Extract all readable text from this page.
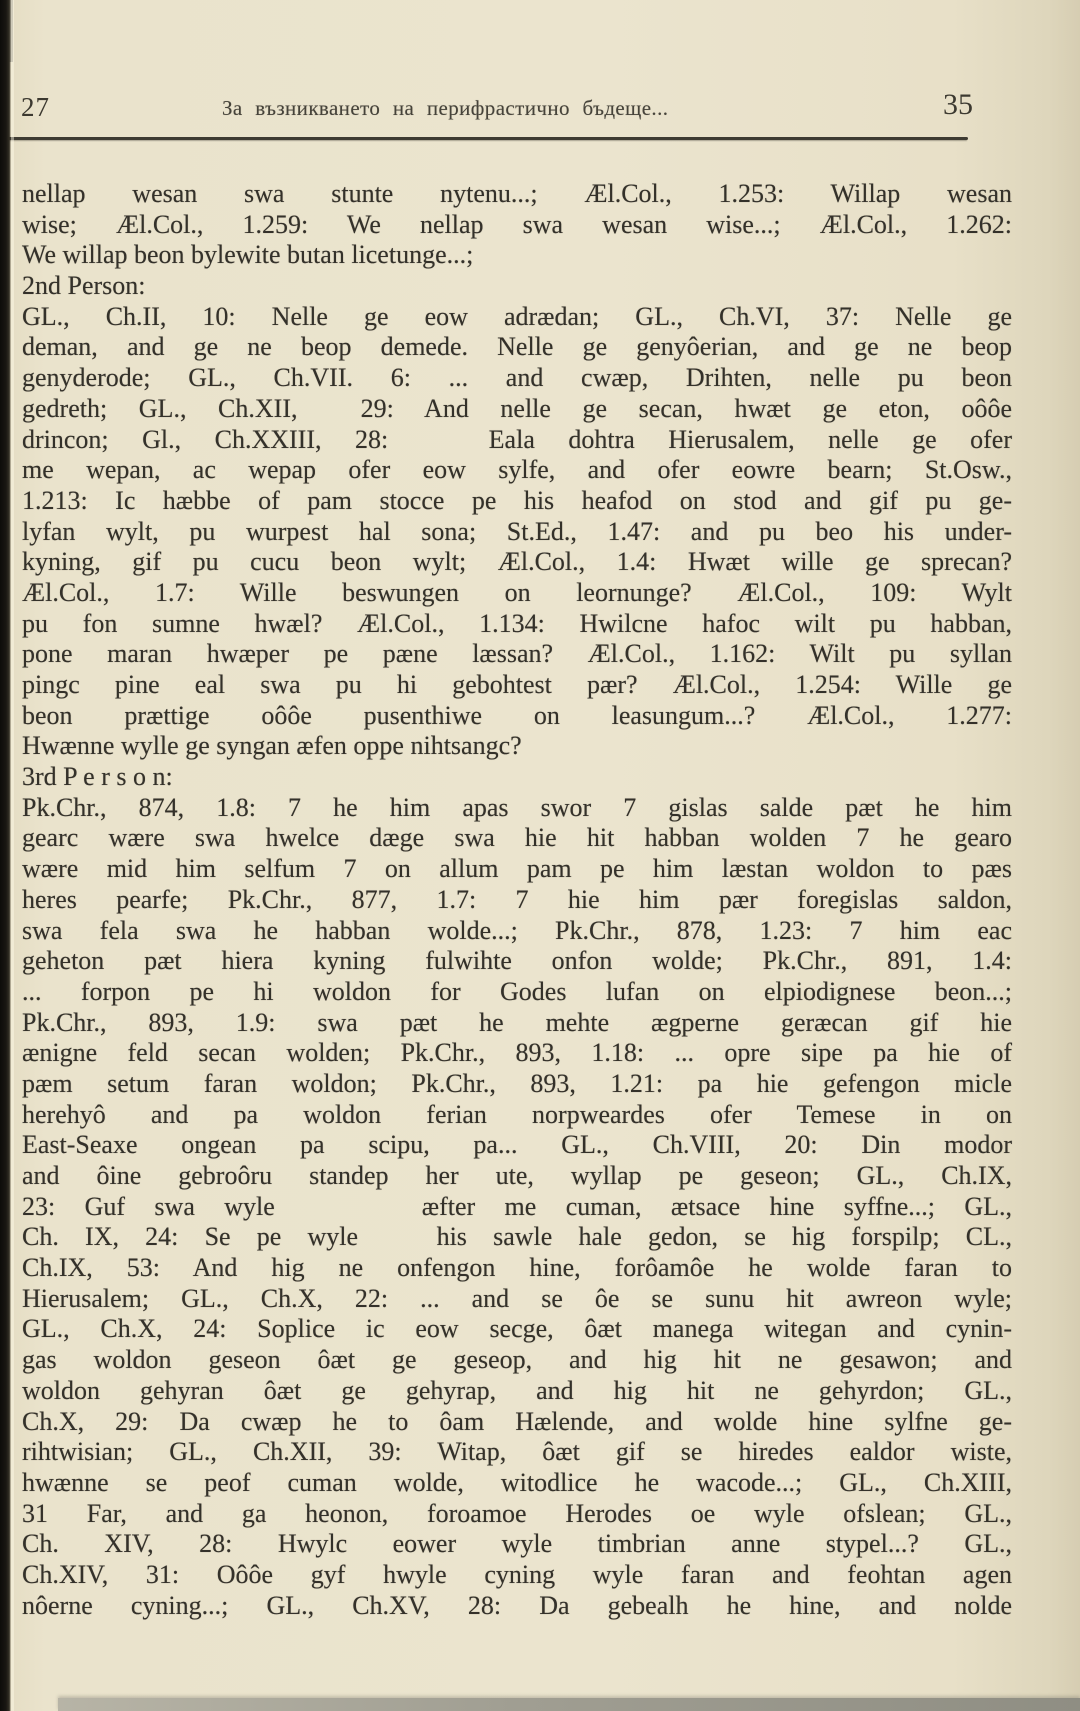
27	За възникването на перифрастично бъдеще...	35
nellap wesan swa stunte nytenu...; Æl.Col., 1.253: Willap wesan
wise; Æl.Col., 1.259: We nellap swa wesan wise...; Æl.Col., 1.262:
We willap beon bylewite butan licetunge...;
2nd Person:
GL., Ch.II, 10: Nelle ge eow adrædan; GL., Ch.VI, 37: Nelle ge
deman, and ge ne beop demede. Nelle ge genyôerian, and ge ne beop
genyderode; GL., Ch.VII. 6: ... and cwæp, Drihten, nelle pu beon
gedreth; GL., Ch.XII,  29: And nelle ge secan, hwæt ge eton, oôôe
drincon; Gl., Ch.XXIII, 28:   Eala dohtra Hierusalem, nelle ge ofer
me wepan, ac wepap ofer eow sylfe, and ofer eowre bearn; St.Osw.,
1.213: Ic hæbbe of pam stocce pe his heafod on stod and gif pu ge-
lyfan wylt, pu wurpest hal sona; St.Ed., 1.47: and pu beo his under-
kyning, gif pu cucu beon wylt; Æl.Col., 1.4: Hwæt wille ge sprecan?
Æl.Col., 1.7: Wille beswungen on leornunge? Æl.Col., 109: Wylt
pu fon sumne hwæl? Æl.Col., 1.134: Hwilcne hafoc wilt pu habban,
pone maran hwæper pe pæne læssan? Æl.Col., 1.162: Wilt pu syllan
pingc pine eal swa pu hi gebohtest pær? Æl.Col., 1.254: Wille ge
beon prættige oôôe pusenthiwe on leasungum...? Æl.Col., 1.277:
Hwænne wylle ge syngan æfen oppe nihtsangc?
3rd P e r s o n:
Pk.Chr., 874, 1.8: 7 he him apas swor 7 gislas salde pæt he him
gearc wære swa hwelce dæge swa hie hit habban wolden 7 he gearo
wære mid him selfum 7 on allum pam pe him læstan woldon to pæs
heres pearfe; Pk.Chr., 877, 1.7: 7 hie him pær foregislas saldon,
swa fela swa he habban wolde...; Pk.Chr., 878, 1.23: 7 him eac
geheton pæt hiera kyning fulwihte onfon wolde; Pk.Chr., 891, 1.4:
... forpon pe hi woldon for Godes lufan on elpiodignese beon...;
Pk.Chr., 893, 1.9: swa pæt he mehte ægperne geræcan gif hie
ænigne feld secan wolden; Pk.Chr., 893, 1.18: ... opre sipe pa hie of
pæm setum faran woldon; Pk.Chr., 893, 1.21: pa hie gefengon micle
herehyô and pa woldon ferian norpweardes ofer Temese in on
East-Seaxe ongean pa scipu, pa... GL., Ch.VIII, 20: Din modor
and ôine gebroôru standep her ute, wyllap pe geseon; GL., Ch.IX,
23: Guf swa wyle     æfter me cuman, ætsace hine syffne...; GL.,
Ch. IX, 24: Se pe wyle   his sawle hale gedon, se hig forspilp; CL.,
Ch.IX, 53: And hig ne onfengon hine, forôamôe he wolde faran to
Hierusalem; GL., Ch.X, 22: ... and se ôe se sunu hit awreon wyle;
GL., Ch.X, 24: Soplice ic eow secge, ôæt manega witegan and cynin-
gas woldon geseon ôæt ge geseop, and hig hit ne gesawon; and
woldon gehyran ôæt ge gehyrap, and hig hit ne gehyrdon; GL.,
Ch.X, 29: Da cwæp he to ôam Hælende, and wolde hine sylfne ge-
rihtwisian; GL., Ch.XII, 39: Witap, ôæt gif se hiredes ealdor wiste,
hwænne se peof cuman wolde, witodlice he wacode...; GL., Ch.XIII,
31 Far, and ga heonon, foroamoe Herodes oe wyle ofslean; GL.,
Ch. XIV, 28: Hwylc eower wyle timbrian anne stypel...? GL.,
Ch.XIV, 31: Oôôe gyf hwyle cyning wyle faran and feohtan agen
nôerne cyning...; GL., Ch.XV, 28: Da gebealh he hine, and nolde
